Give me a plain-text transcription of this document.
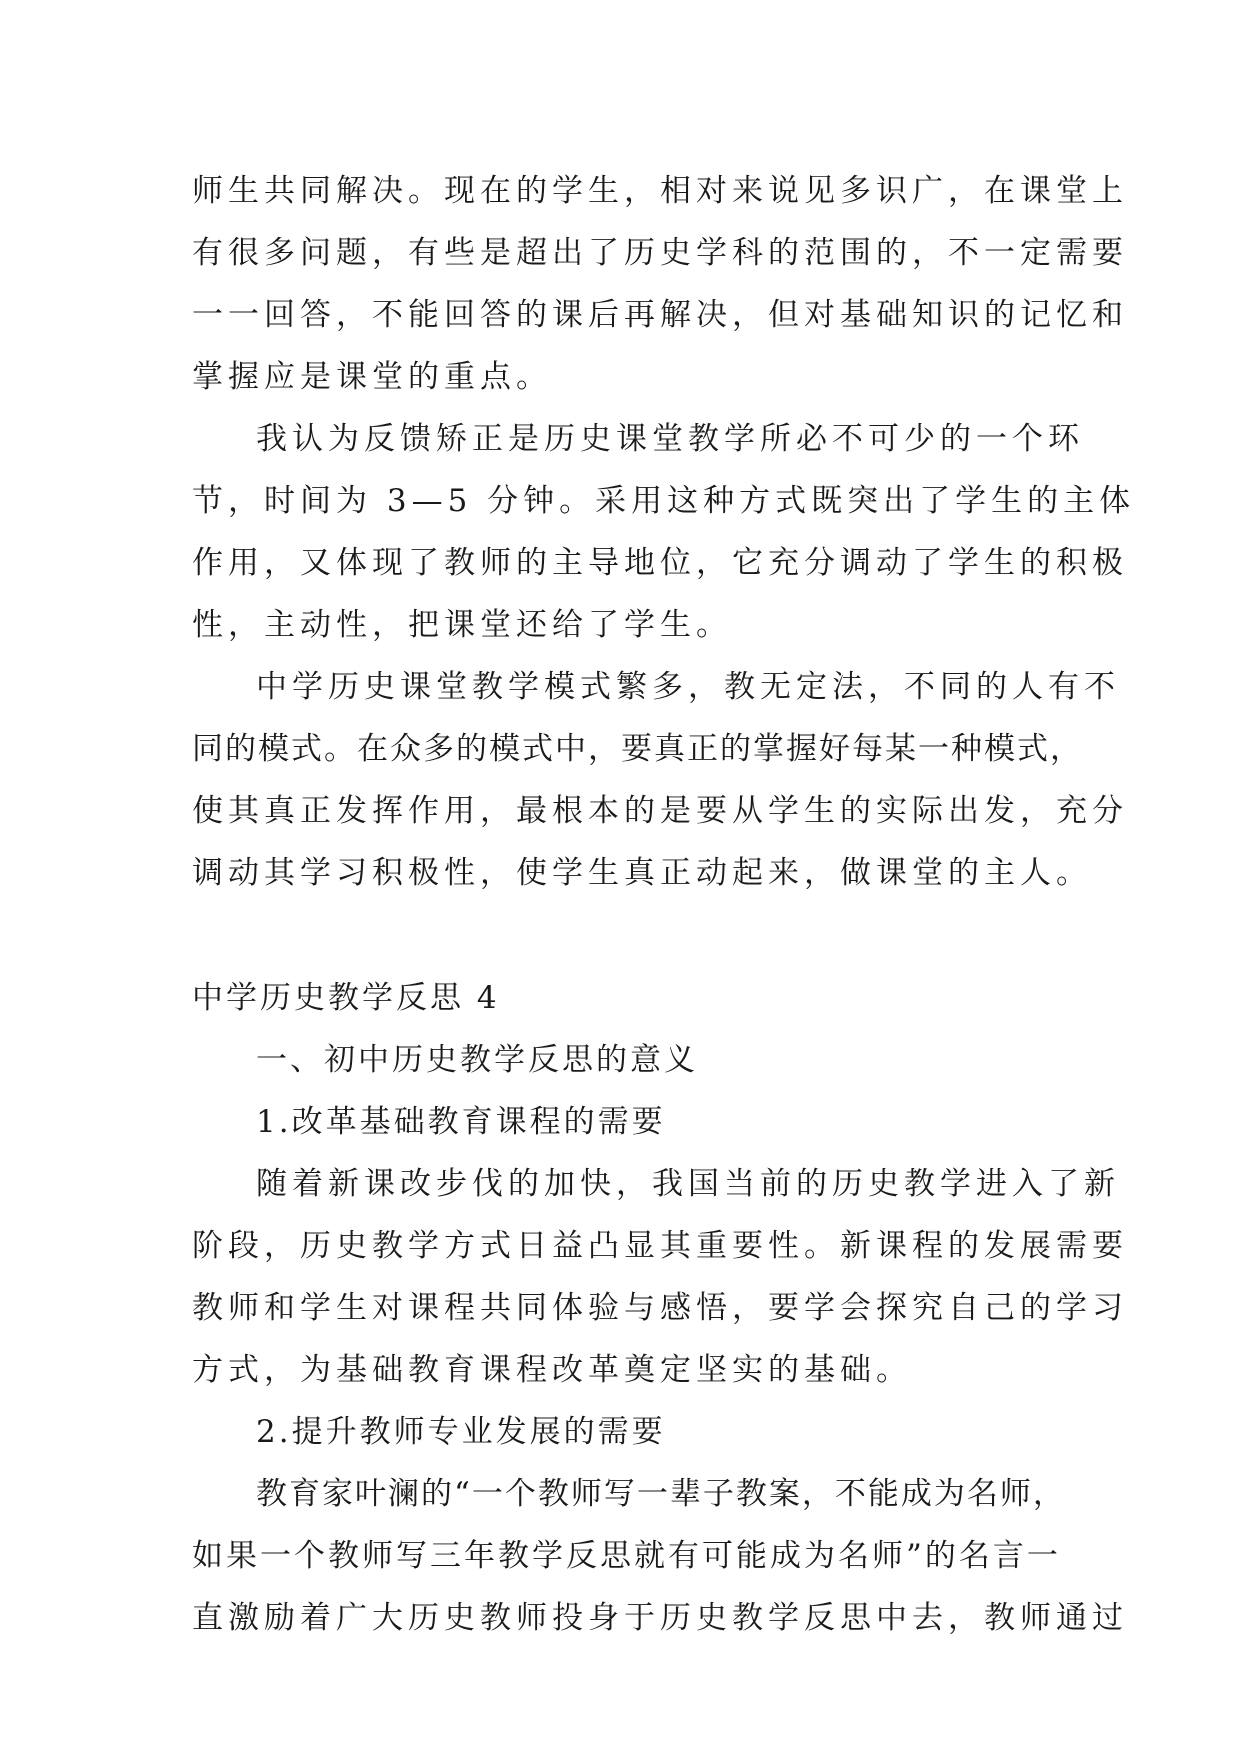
师生共同解决。现在的学生，相对来说见多识广，在课堂上
有很多问题，有些是超出了历史学科的范围的，不一定需要
一一回答，不能回答的课后再解决，但对基础知识的记忆和
掌握应是课堂的重点。
我认为反馈矫正是历史课堂教学所必不可少的一个环
节，时间为 3—5 分钟。采用这种方式既突出了学生的主体
作用，又体现了教师的主导地位，它充分调动了学生的积极
性，主动性，把课堂还给了学生。
中学历史课堂教学模式繁多，教无定法，不同的人有不
同的模式。在众多的模式中，要真正的掌握好每某一种模式，
使其真正发挥作用，最根本的是要从学生的实际出发，充分
调动其学习积极性，使学生真正动起来，做课堂的主人。
中学历史教学反思 4
一、初中历史教学反思的意义
1.改革基础教育课程的需要
随着新课改步伐的加快，我国当前的历史教学进入了新
阶段，历史教学方式日益凸显其重要性。新课程的发展需要
教师和学生对课程共同体验与感悟，要学会探究自己的学习
方式，为基础教育课程改革奠定坚实的基础。
2.提升教师专业发展的需要
教育家叶澜的“一个教师写一辈子教案，不能成为名师，
如果一个教师写三年教学反思就有可能成为名师”的名言一
直激励着广大历史教师投身于历史教学反思中去，教师通过
